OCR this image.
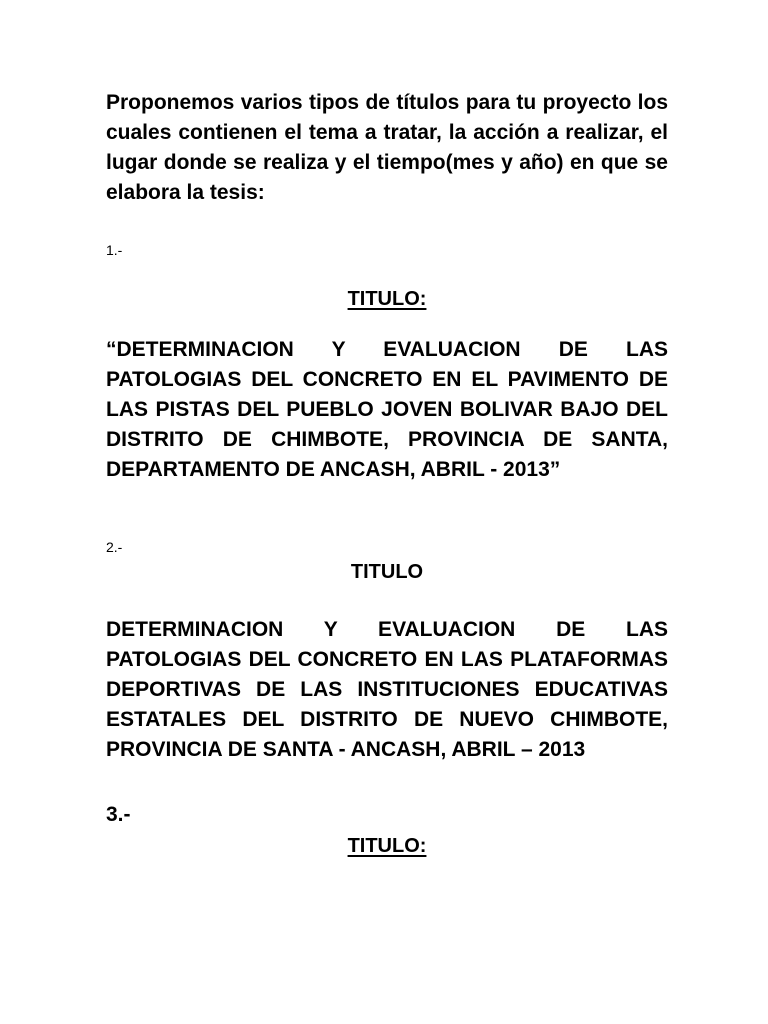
Proponemos varios tipos de títulos para tu proyecto los cuales contienen el tema a tratar, la acción a realizar, el lugar donde se realiza y el tiempo(mes y año) en que se elabora la tesis:
1.-
TITULO:
“DETERMINACION Y EVALUACION DE LAS PATOLOGIAS DEL CONCRETO EN EL PAVIMENTO DE LAS PISTAS DEL PUEBLO JOVEN BOLIVAR BAJO DEL DISTRITO DE CHIMBOTE, PROVINCIA DE SANTA, DEPARTAMENTO DE ANCASH, ABRIL - 2013”
2.-
TITULO
DETERMINACION Y EVALUACION DE LAS PATOLOGIAS DEL CONCRETO EN LAS PLATAFORMAS DEPORTIVAS DE LAS INSTITUCIONES EDUCATIVAS ESTATALES DEL DISTRITO DE NUEVO CHIMBOTE, PROVINCIA DE SANTA - ANCASH, ABRIL – 2013
3.-
TITULO:
